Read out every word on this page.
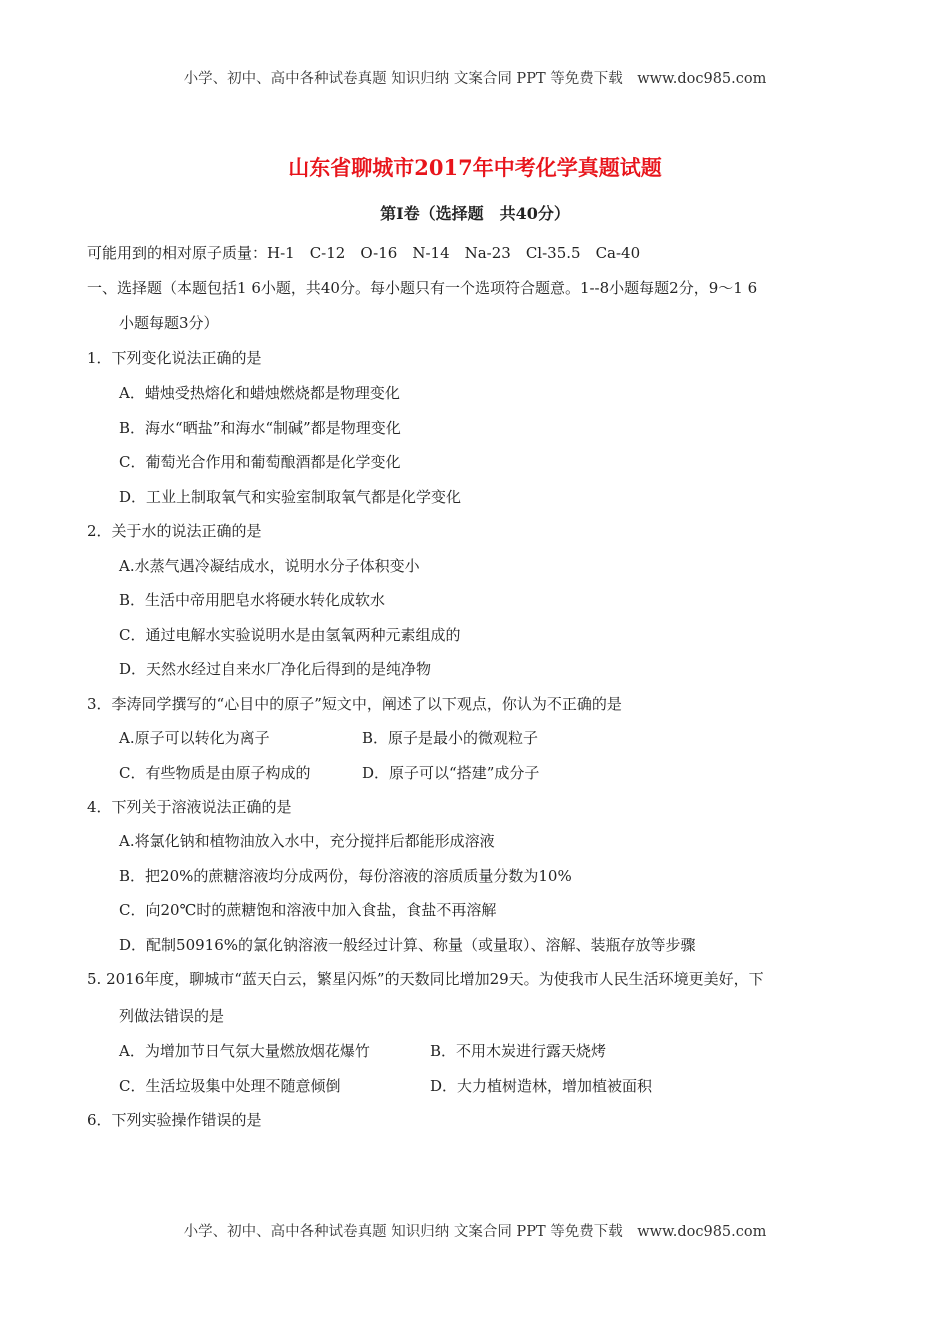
小学、初中、高中各种试卷真题 知识归纳 文案合同 PPT 等免费下载　www.doc985.com
山东省聊城市2017年中考化学真题试题
第Ⅰ卷（选择题　共40分）
可能用到的相对原子质量：H-1　C-12　O-16　N-14　Na-23　Cl-35.5　Ca-40
一、选择题（本题包括1 6小题，共40分。每小题只有一个选项符合题意。1--8小题每题2分，9～1 6
小题每题3分）
1．下列变化说法正确的是
A．蜡烛受热熔化和蜡烛燃烧都是物理变化
B．海水“晒盐”和海水“制碱”都是物理变化
C．葡萄光合作用和葡萄酿酒都是化学变化
D．工业上制取氧气和实验室制取氧气都是化学变化
2．关于水的说法正确的是
A.水蒸气遇冷凝结成水，说明水分子体积变小
B．生活中帝用肥皂水将硬水转化成软水
C．通过电解水实验说明水是由氢氧两种元素组成的
D．天然水经过自来水厂净化后得到的是纯净物
3．李涛同学撰写的“心目中的原子”短文中，阐述了以下观点，你认为不正确的是
A.原子可以转化为离子	B．原子是最小的微观粒子
C．有些物质是由原子构成的	D．原子可以“搭建”成分子
4．下列关于溶液说法正确的是
A.将氯化钠和植物油放入水中，充分搅拌后都能形成溶液
B．把20%的蔗糖溶液均分成两份，每份溶液的溶质质量分数为10%
C．向20℃时的蔗糖饱和溶液中加入食盐，食盐不再溶解
D．配制50916%的氯化钠溶液一般经过计算、称量（或量取）、溶解、装瓶存放等步骤
5. 2016年度，聊城市“蓝天白云，繁星闪烁”的天数同比增加29天。为使我市人民生活环境更美好，下
列做法错误的是
A．为增加节日气氛大量燃放烟花爆竹	B．不用木炭进行露天烧烤
C．生活垃圾集中处理不随意倾倒	D．大力植树造林，增加植被面积
6．下列实验操作错误的是
小学、初中、高中各种试卷真题 知识归纳 文案合同 PPT 等免费下载　www.doc985.com
